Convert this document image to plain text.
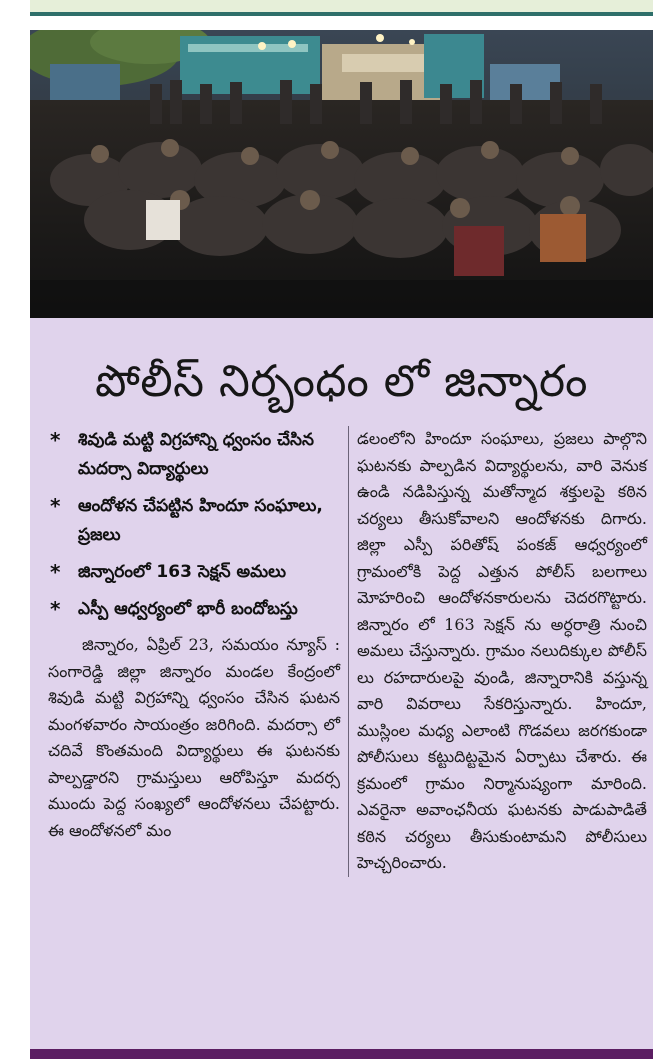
పోలీస్ నిర్బంధం లో జిన్నారం
* శివుడి మట్టి విగ్రహాన్ని ధ్వంసం చేసిన మదర్సా విద్యార్థులు
* ఆందోళన చేపట్టిన హిందూ సంఘాలు, ప్రజలు
* జిన్నారంలో 163 సెక్షన్ అమలు
* ఎస్పీ ఆధ్వర్యంలో భారీ బందోబస్తు

జిన్నారం, ఏప్రిల్ 23, సమయం న్యూస్ : సంగారెడ్డి జిల్లా జిన్నారం మండల కేంద్రంలో శివుడి మట్టి విగ్రహాన్ని ధ్వంసం చేసిన ఘటన మంగళవారం సాయంత్రం జరిగింది. మదర్సా లో చదివే కొంతమంది విద్యార్థులు ఈ ఘటనకు పాల్పడ్డారని గ్రామస్తులు ఆరోపిస్తూ మదర్స ముందు పెద్ద సంఖ్యలో ఆందోళనలు చేపట్టారు. ఈ ఆందోళనలో మం

డలంలోని హిందూ సంఘాలు, ప్రజలు పాల్గొని ఘటనకు పాల్పడిన విద్యార్థులను, వారి వెనుక ఉండి నడిపిస్తున్న మతోన్మాద శక్తులపై కఠిన చర్యలు తీసుకోవాలని ఆందోళనకు దిగారు. జిల్లా ఎస్పీ పరితోష్ పంకజ్ ఆధ్వర్యంలో గ్రామంలోకి పెద్ద ఎత్తున పోలీస్ బలగాలు మోహరించి ఆందోళనకారులను చెదరగొట్టారు. జిన్నారం లో 163 సెక్షన్ ను అర్ధరాత్రి నుంచి అమలు చేస్తున్నారు. గ్రామం నలుదిక్కుల పోలీస్ లు రహదారులపై వుండి, జిన్నారానికి వస్తున్న వారి వివరాలు సేకరిస్తున్నారు. హిందూ, ముస్లింల మధ్య ఎలాంటి గొడవలు జరగకుండా పోలీసులు కట్టుదిట్టమైన ఏర్పాటు చేశారు. ఈ క్రమంలో గ్రామం నిర్మానుష్యంగా మారింది. ఎవరైనా అవాంఛనీయ ఘటనకు పాడుపాడితే కఠిన చర్యలు తీసుకుంటామని పోలీసులు హెచ్చరించారు.
